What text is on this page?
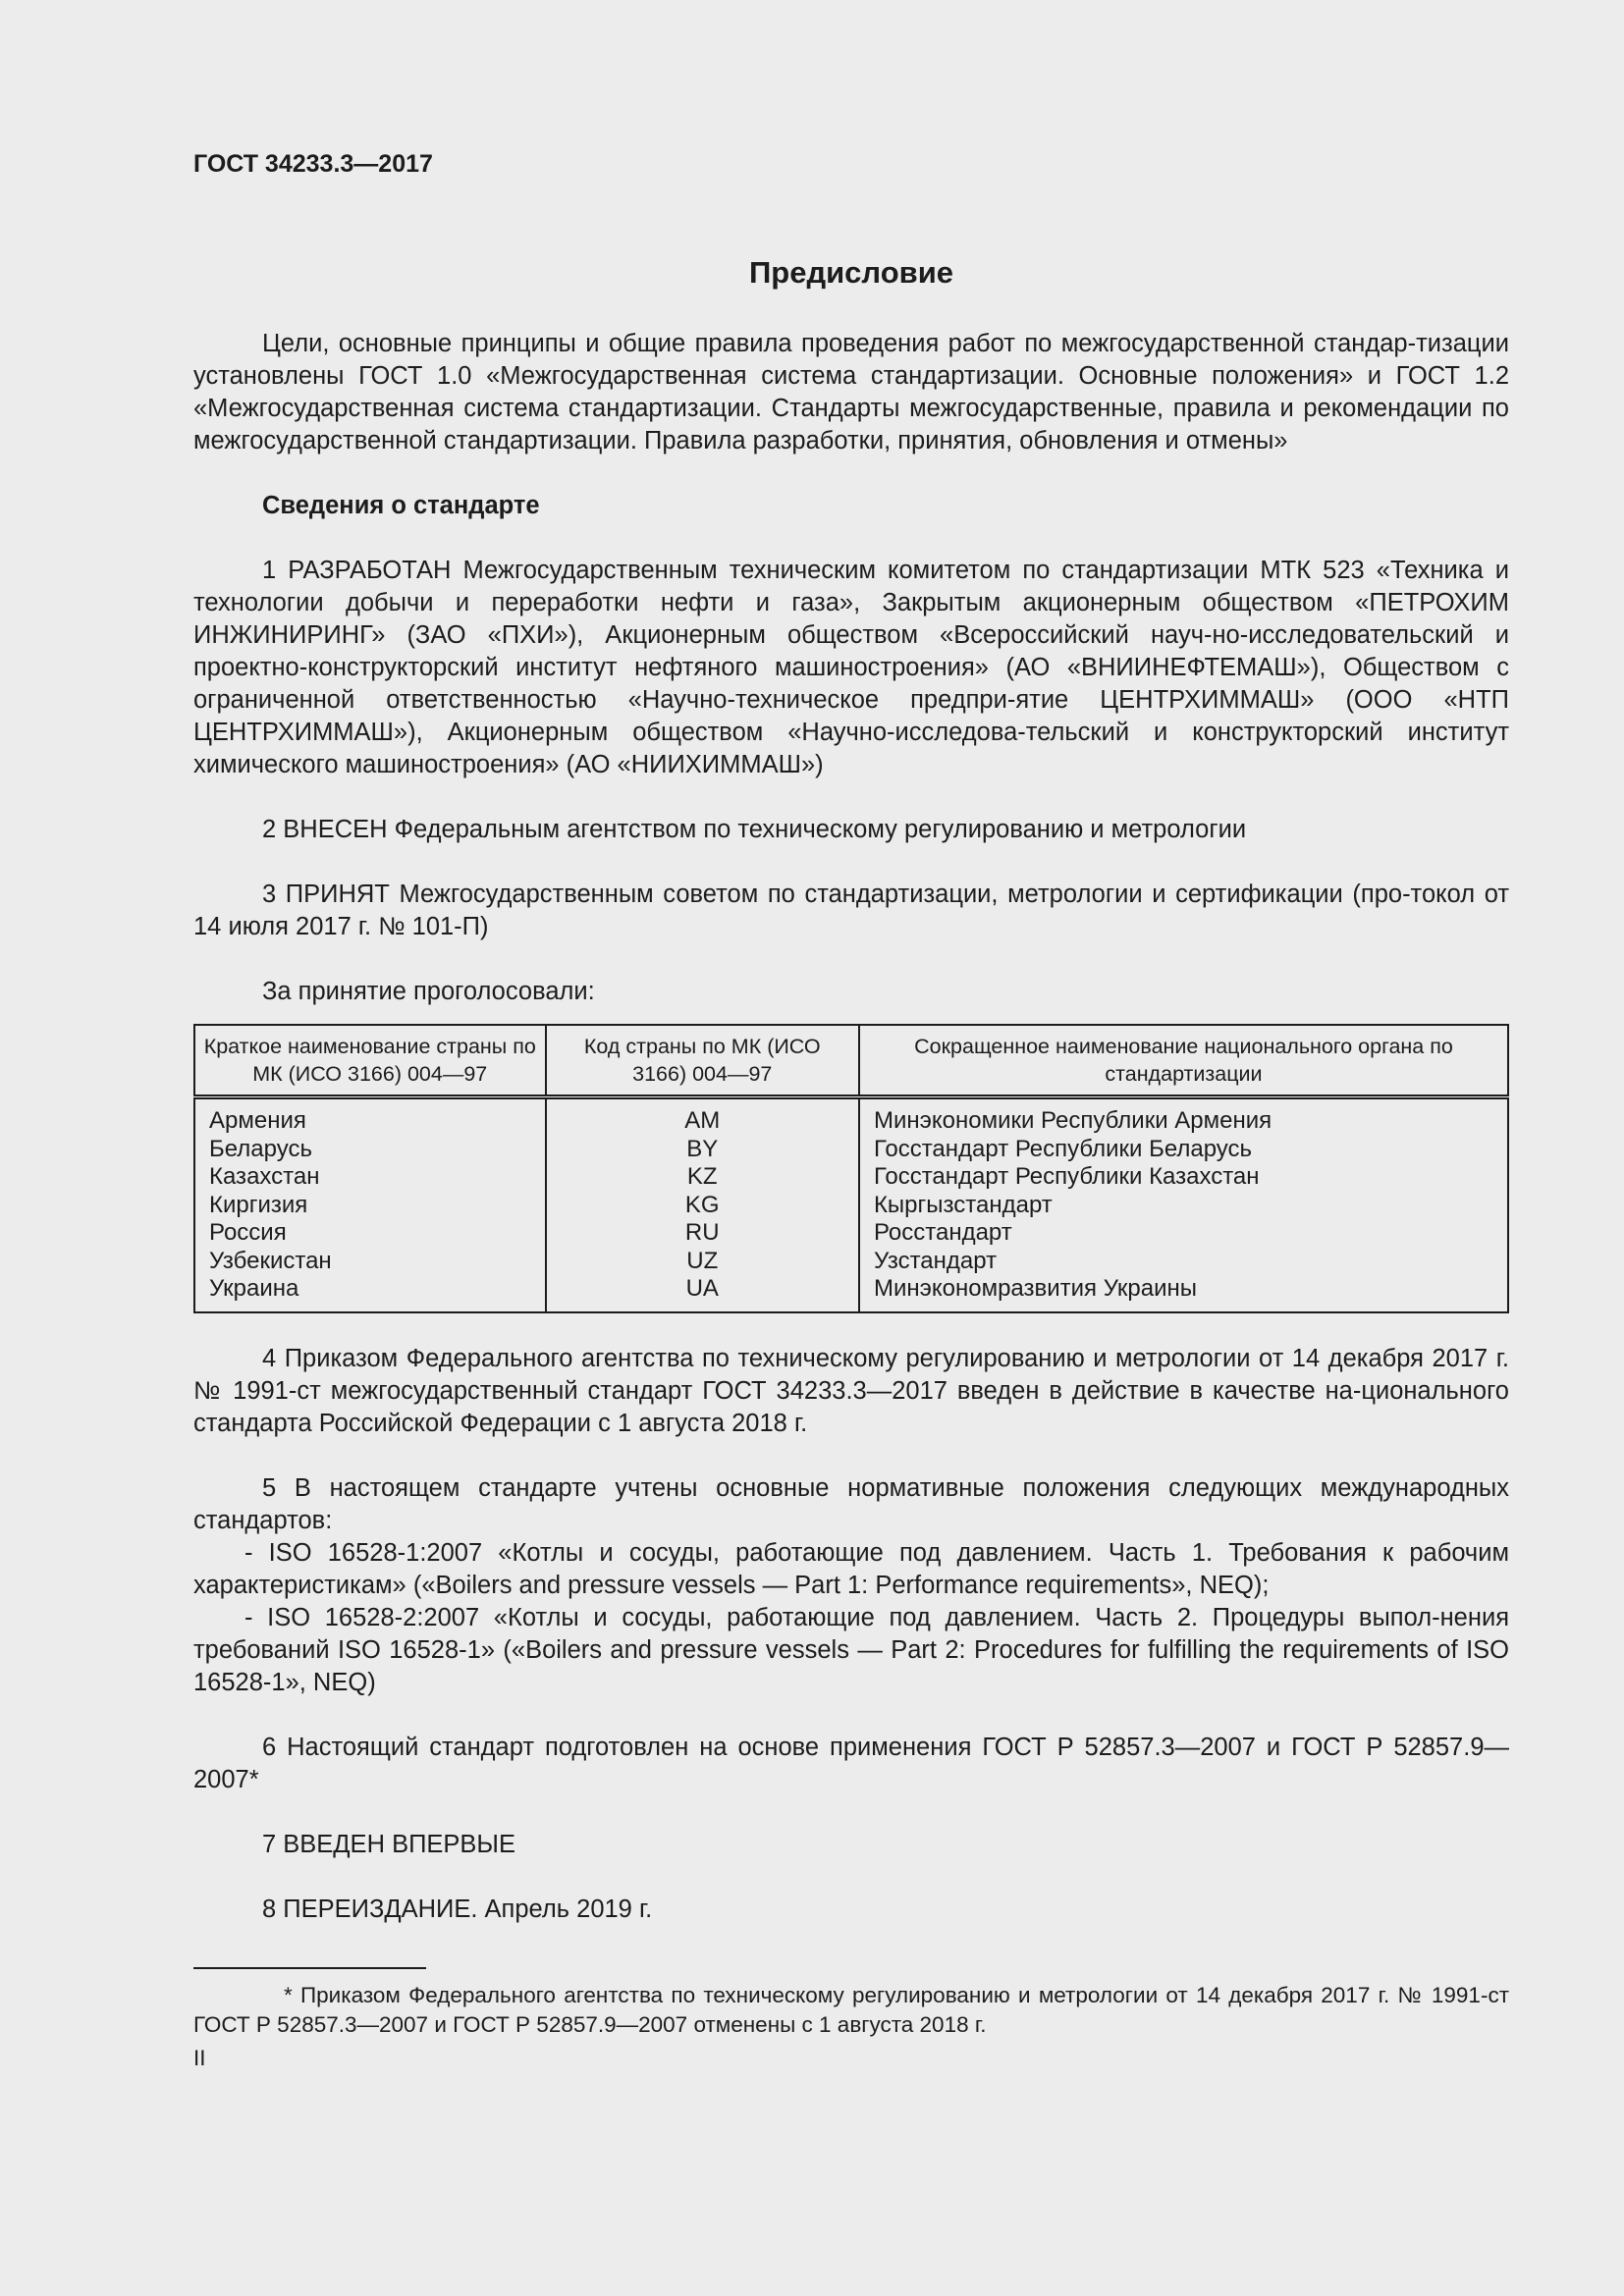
ГОСТ 34233.3—2017
Предисловие

Цели, основные принципы и общие правила проведения работ по межгосударственной стандар-тизации установлены ГОСТ 1.0 «Межгосударственная система стандартизации. Основные положения» и ГОСТ 1.2 «Межгосударственная система стандартизации. Стандарты межгосударственные, правила и рекомендации по межгосударственной стандартизации. Правила разработки, принятия, обновления и отмены»

Сведения о стандарте

1 РАЗРАБОТАН Межгосударственным техническим комитетом по стандартизации МТК 523 «Техника и технологии добычи и переработки нефти и газа», Закрытым акционерным обществом «ПЕТРОХИМ ИНЖИНИРИНГ» (ЗАО «ПХИ»), Акционерным обществом «Всероссийский науч-но-исследовательский и проектно-конструкторский институт нефтяного машиностроения» (АО «ВНИИНЕФТЕМАШ»), Обществом с ограниченной ответственностью «Научно-техническое предпри-ятие ЦЕНТРХИММАШ» (ООО «НТП ЦЕНТРХИММАШ»), Акционерным обществом «Научно-исследова-тельский и конструкторский институт химического машиностроения» (АО «НИИХИММАШ»)

2 ВНЕСЕН Федеральным агентством по техническому регулированию и метрологии

3 ПРИНЯТ Межгосударственным советом по стандартизации, метрологии и сертификации (про-токол от 14 июля 2017 г. № 101-П)

За принятие проголосовали:

Краткое наименование страны по МК (ИСО 3166) 004—97	Код страны по МК (ИСО 3166) 004—97	Сокращенное наименование национального органа по стандартизации
Армения	AM	Минэкономики Республики Армения
Беларусь	BY	Госстандарт Республики Беларусь
Казахстан	KZ	Госстандарт Республики Казахстан
Киргизия	KG	Кыргызстандарт
Россия	RU	Росстандарт
Узбекистан	UZ	Узстандарт
Украина	UA	Минэкономразвития Украины

4 Приказом Федерального агентства по техническому регулированию и метрологии от 14 декабря 2017 г. № 1991-ст межгосударственный стандарт ГОСТ 34233.3—2017 введен в действие в качестве на-ционального стандарта Российской Федерации с 1 августа 2018 г.

5 В настоящем стандарте учтены основные нормативные положения следующих международных стандартов:

- ISO 16528-1:2007 «Котлы и сосуды, работающие под давлением. Часть 1. Требования к рабочим характеристикам» («Boilers and pressure vessels — Part 1: Performance requirements», NEQ);

- ISO 16528-2:2007 «Котлы и сосуды, работающие под давлением. Часть 2. Процедуры выпол-нения требований ISO 16528-1» («Boilers and pressure vessels — Part 2: Procedures for fulfilling the requirements of ISO 16528-1», NEQ)

6 Настоящий стандарт подготовлен на основе применения ГОСТ Р 52857.3—2007 и ГОСТ Р 52857.9—2007*

7 ВВЕДЕН ВПЕРВЫЕ

8 ПЕРЕИЗДАНИЕ. Апрель 2019 г.

* Приказом Федерального агентства по техническому регулированию и метрологии от 14 декабря 2017 г. № 1991-ст ГОСТ Р 52857.3—2007 и ГОСТ Р 52857.9—2007 отменены с 1 августа 2018 г.

II
